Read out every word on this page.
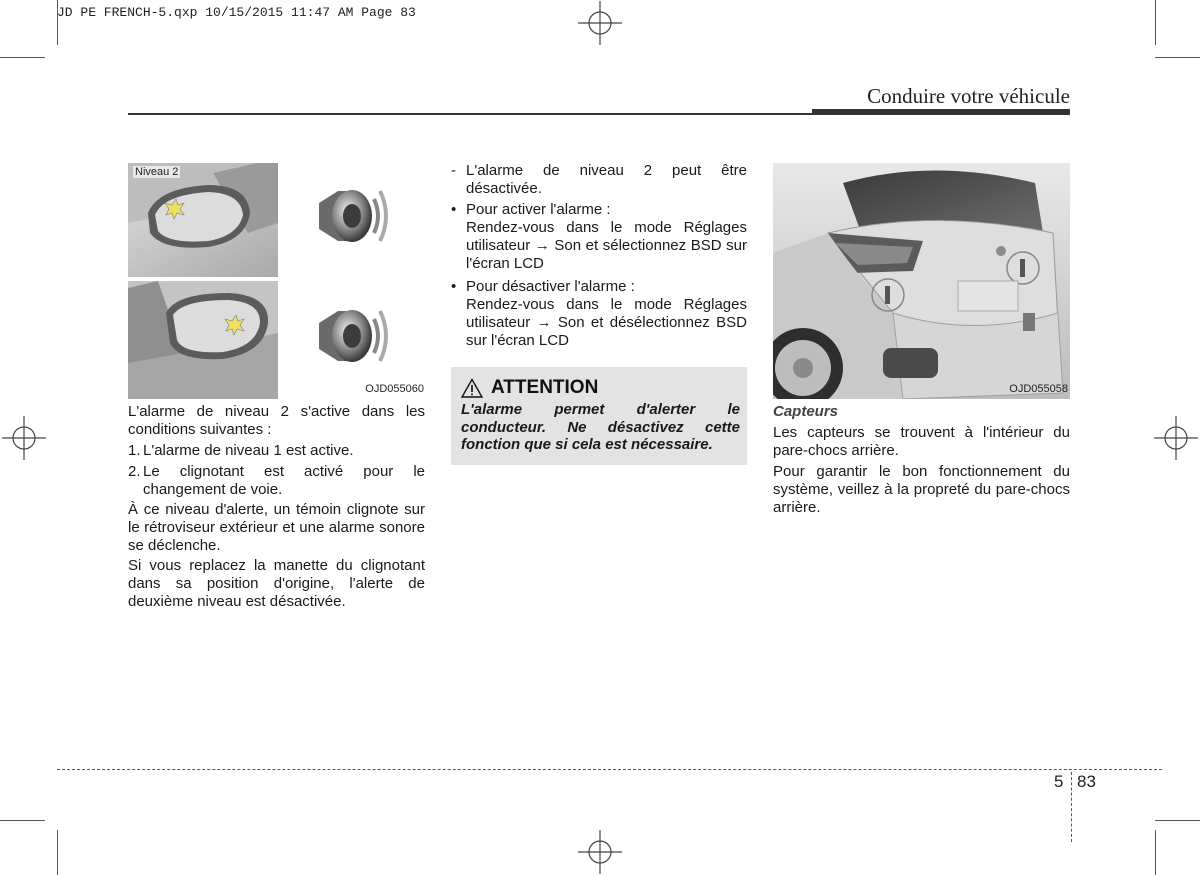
JD PE FRENCH-5.qxp 10/15/2015 11:47 AM Page 83
Conduire votre véhicule
Niveau 2
OJD055060

L'alarme de niveau 2 s'active dans les conditions suivantes :

1. L'alarme de niveau 1 est active.

2. Le clignotant est activé pour le changement de voie.

À ce niveau d'alerte, un témoin clignote sur le rétroviseur extérieur et une alarme sonore se déclenche.

Si vous replacez la manette du clignotant dans sa position d'origine, l'alerte de deuxième niveau est désactivée.

- L'alarme de niveau 2 peut être désactivée.

• Pour activer l'alarme :

Rendez-vous dans le mode Réglages utilisateur → Son et sélectionnez BSD sur l'écran LCD

• Pour désactiver l'alarme :

Rendez-vous dans le mode Réglages utilisateur → Son et désélectionnez BSD sur l'écran LCD

ATTENTION

L'alarme permet d'alerter le conducteur. Ne désactivez cette fonction que si cela est nécessaire.

OJD055058

Capteurs

Les capteurs se trouvent à l'intérieur du pare-chocs arrière.

Pour garantir le bon fonctionnement du système, veillez à la propreté du pare-chocs arrière.

5 83
